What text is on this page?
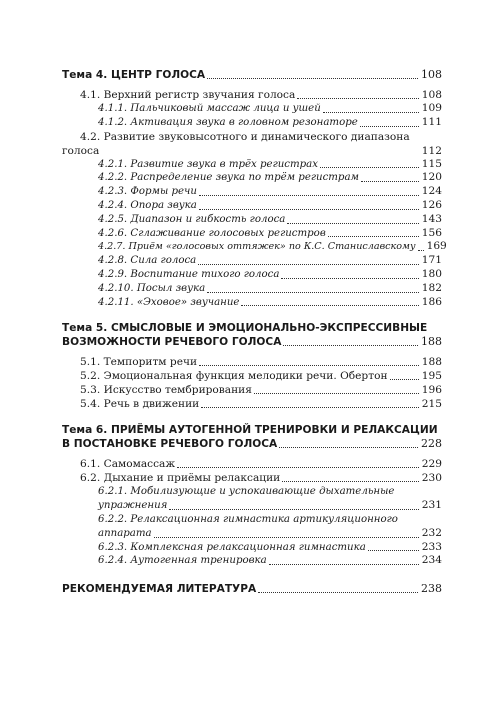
Тема 4. ЦЕНТР ГОЛОСА	108
4.1. Верхний регистр звучания голоса	108
4.1.1. Пальчиковый массаж лица и ушей	109
4.1.2. Активация звука в головном резонаторе	111
4.2. Развитие звуковысотного и динамического диапазона
голоса	112
4.2.1. Развитие звука в трёх регистрах	115
4.2.2. Распределение звука по трём регистрам	120
4.2.3. Формы речи	124
4.2.4. Опора звука	126
4.2.5. Диапазон и гибкость голоса	143
4.2.6. Сглаживание голосовых регистров	156
4.2.7. Приём «голосовых оттяжек» по К.С. Станиславскому 169
4.2.8. Сила голоса	171
4.2.9. Воспитание тихого голоса	180
4.2.10. Посыл звука	182
4.2.11. «Эховое» звучание	186
Тема 5. СМЫСЛОВЫЕ И ЭМОЦИОНАЛЬНО-ЭКСПРЕССИВНЫЕ
ВОЗМОЖНОСТИ РЕЧЕВОГО ГОЛОСА	188
5.1. Темпоритм речи	188
5.2. Эмоциональная функция мелодики речи. Обертон	195
5.3. Искусство тембрирования	196
5.4. Речь в движении	215
Тема 6. ПРИЁМЫ АУТОГЕННОЙ ТРЕНИРОВКИ И РЕЛАКСАЦИИ
В ПОСТАНОВКЕ РЕЧЕВОГО ГОЛОСА	228
6.1. Самомассаж	229
6.2. Дыхание и приёмы релаксации	230
6.2.1. Мобилизующие и успокаивающие дыхательные
упражнения	231
6.2.2. Релаксационная гимнастика артикуляционного
аппарата	232
6.2.3. Комплексная релаксационная гимнастика	233
6.2.4. Аутогенная тренировка	234
РЕКОМЕНДУЕМАЯ ЛИТЕРАТУРА	238
